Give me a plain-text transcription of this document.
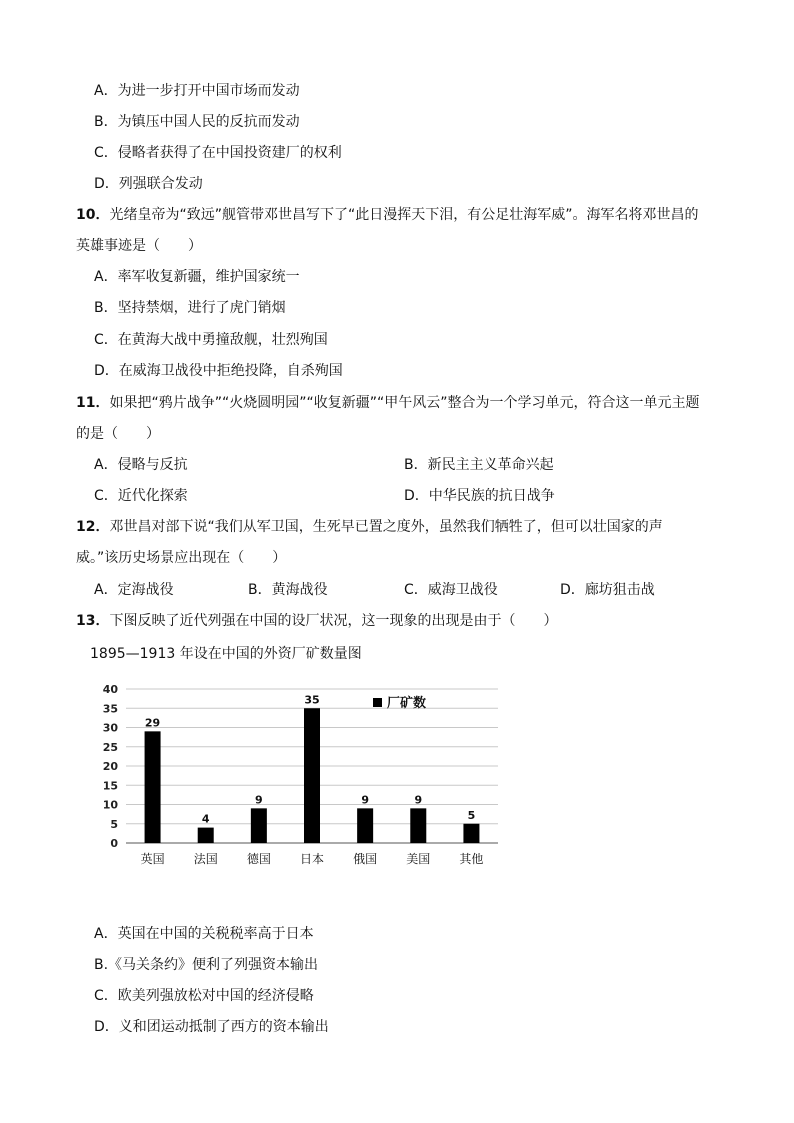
A．为进一步打开中国市场而发动
B．为镇压中国人民的反抗而发动
C．侵略者获得了在中国投资建厂的权利
D．列强联合发动
10．光绪皇帝为“致远”舰管带邓世昌写下了“此日漫挥天下泪，有公足壮海军威”。海军名将邓世昌的
英雄事迹是（　　）
A．率军收复新疆，维护国家统一
B．坚持禁烟，进行了虎门销烟
C．在黄海大战中勇撞敌舰，壮烈殉国
D．在威海卫战役中拒绝投降，自杀殉国
11．如果把“鸦片战争”“火烧圆明园”“收复新疆”“甲午风云”整合为一个学习单元，符合这一单元主题
的是（　　）
A．侵略与反抗	B．新民主主义革命兴起
C．近代化探索	D．中华民族的抗日战争
12．邓世昌对部下说“我们从军卫国，生死早已置之度外，虽然我们牺牲了，但可以壮国家的声
威。”该历史场景应出现在（　　）
A．定海战役	B．黄海战役	C．威海卫战役	D．廊坊狙击战
13．下图反映了近代列强在中国的设厂状况，这一现象的出现是由于（　　）
1895—1913 年设在中国的外资厂矿数量图
0
5
10
15
20
25
30
35
40
29
英国
4
法国
9
德国
35
日本
9
俄国
9
美国
5
其他
厂矿数
A．英国在中国的关税税率高于日本
B.《马关条约》便利了列强资本输出
C．欧美列强放松对中国的经济侵略
D．义和团运动抵制了西方的资本输出
